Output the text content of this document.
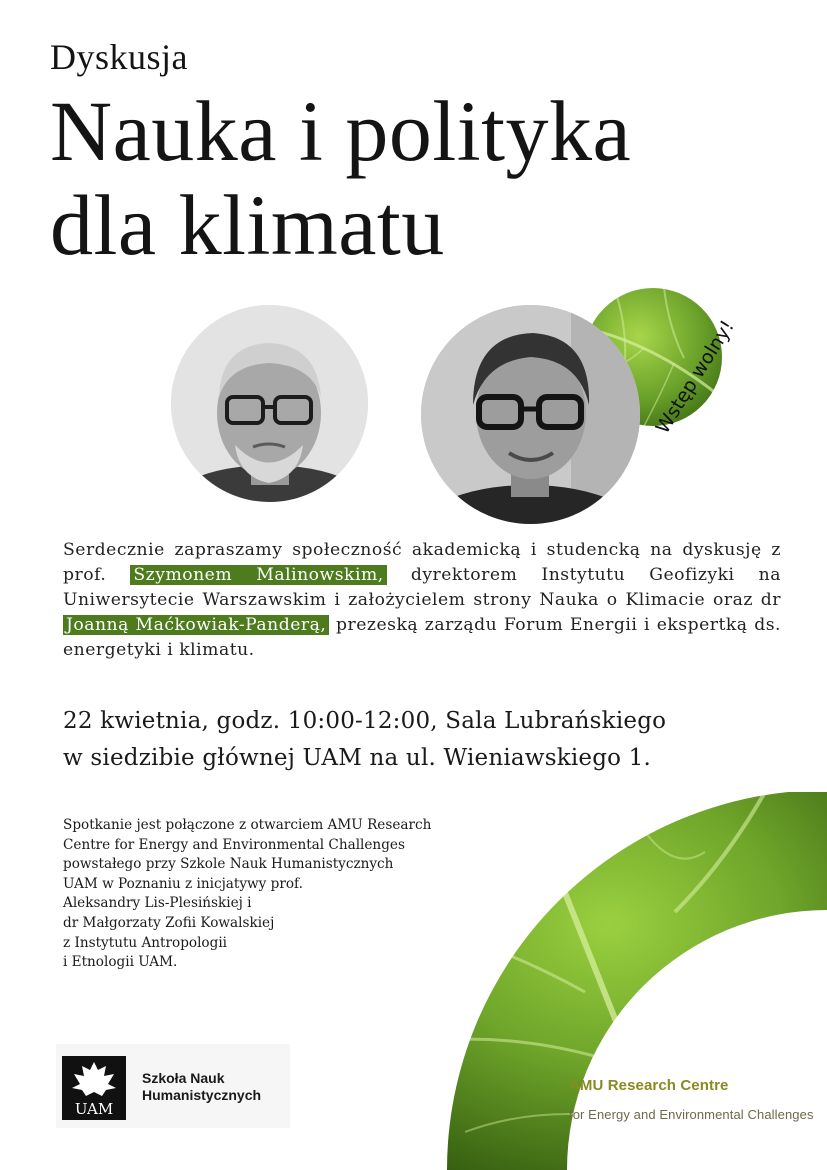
Dyskusja
Nauka i polityka
dla klimatu
Wstęp wolny!
Serdecznie zapraszamy społeczność akademicką i studencką na dyskusję z prof. Szymonem Malinowskim, dyrektorem Instytutu Geofizyki na Uniwersytecie Warszawskim i założycielem strony Nauka o Klimacie oraz dr Joanną Maćkowiak-Panderą, prezeską zarządu Forum Energii i ekspertką ds. energetyki i klimatu.
22 kwietnia, godz. 10:00-12:00, Sala Lubrańskiego
w siedzibie głównej UAM na ul. Wieniawskiego 1.
Spotkanie jest połączone z otwarciem AMU Research
Centre for Energy and Environmental Challenges
powstałego przy Szkole Nauk Humanistycznych
UAM w Poznaniu z inicjatywy prof.
Aleksandry Lis-Plesińskiej i
dr Małgorzaty Zofii Kowalskiej
z Instytutu Antropologii
i Etnologii UAM.
UAM
Szkoła Nauk
Humanistycznych
AMU Research Centre
for Energy and Environmental Challenges
